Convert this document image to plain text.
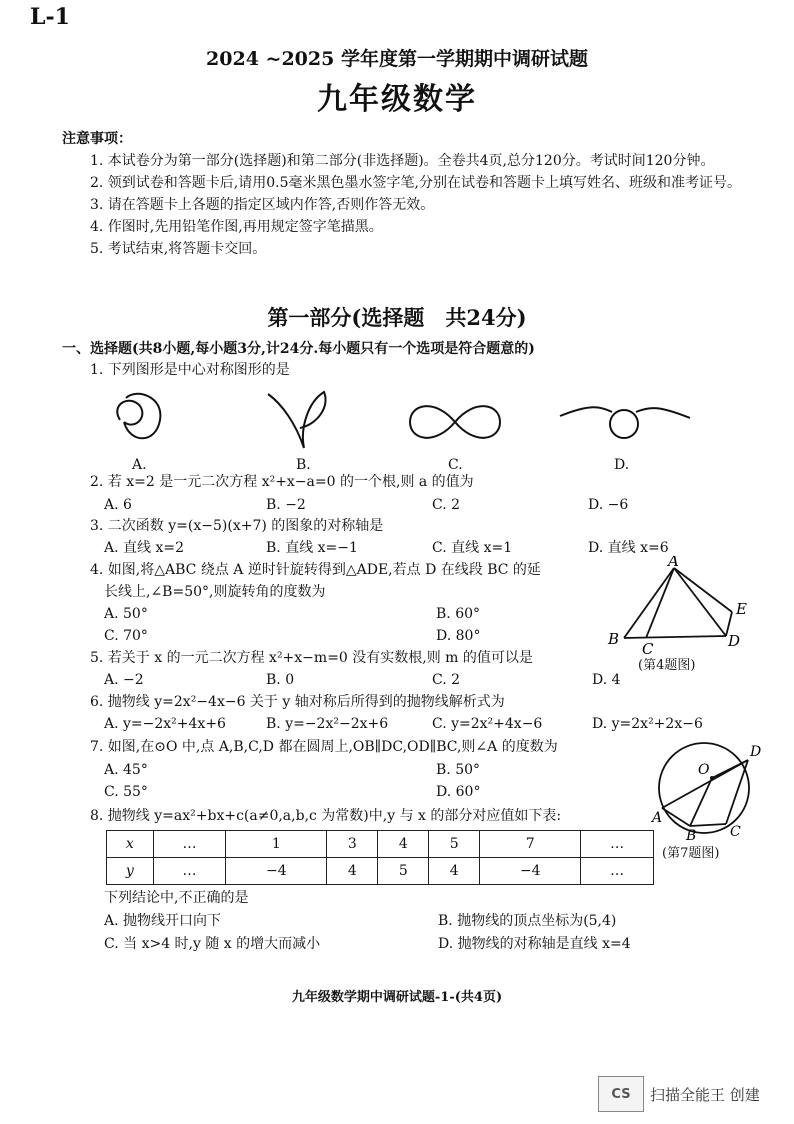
L-1
2024 ~2025 学年度第一学期期中调研试题
九年级数学
注意事项：
1. 本试卷分为第一部分(选择题)和第二部分(非选择题)。全卷共4页,总分120分。考试时间120分钟。
2. 领到试卷和答题卡后,请用0.5毫米黑色墨水签字笔,分别在试卷和答题卡上填写姓名、班级和准考证号。
3. 请在答题卡上各题的指定区域内作答,否则作答无效。
4. 作图时,先用铅笔作图,再用规定签字笔描黑。
5. 考试结束,将答题卡交回。
第一部分(选择题　共24分)
一、选择题(共8小题,每小题3分,计24分.每小题只有一个选项是符合题意的)
1. 下列图形是中心对称图形的是
A.	B.	C.	D.
2. 若 x=2 是一元二次方程 x²+x−a=0 的一个根,则 a 的值为
A. 6	B. −2	C. 2	D. −6
3. 二次函数 y=(x−5)(x+7) 的图象的对称轴是
A. 直线 x=2	B. 直线 x=−1	C. 直线 x=1	D. 直线 x=6
4. 如图,将△ABC 绕点 A 逆时针旋转得到△ADE,若点 D 在线段 BC 的延
长线上,∠B=50°,则旋转角的度数为
A. 50°	B. 60°
C. 70°	D. 80°
A
B
C	D
E
(第4题图)
5. 若关于 x 的一元二次方程 x²+x−m=0 没有实数根,则 m 的值可以是
A. −2	B. 0	C. 2	D. 4
6. 抛物线 y=2x²−4x−6 关于 y 轴对称后所得到的抛物线解析式为
A. y=−2x²+4x+6	B. y=−2x²−2x+6	C. y=2x²+4x−6	D. y=2x²+2x−6
7. 如图,在⊙O 中,点 A,B,C,D 都在圆周上,OB∥DC,OD∥BC,则∠A 的度数为
A. 45°	B. 50°
C. 55°	D. 60°
O
D
A
B C
(第7题图)
8. 抛物线 y=ax²+bx+c(a≠0,a,b,c 为常数)中,y 与 x 的部分对应值如下表:
x	…	1	3	4	5	7	…
y	…	−4	4	5	4	−4	…
下列结论中,不正确的是
A. 抛物线开口向下	B. 抛物线的顶点坐标为(5,4)
C. 当 x>4 时,y 随 x 的增大而减小	D. 抛物线的对称轴是直线 x=4
九年级数学期中调研试题-1-(共4页)
CS 扫描全能王 创建
